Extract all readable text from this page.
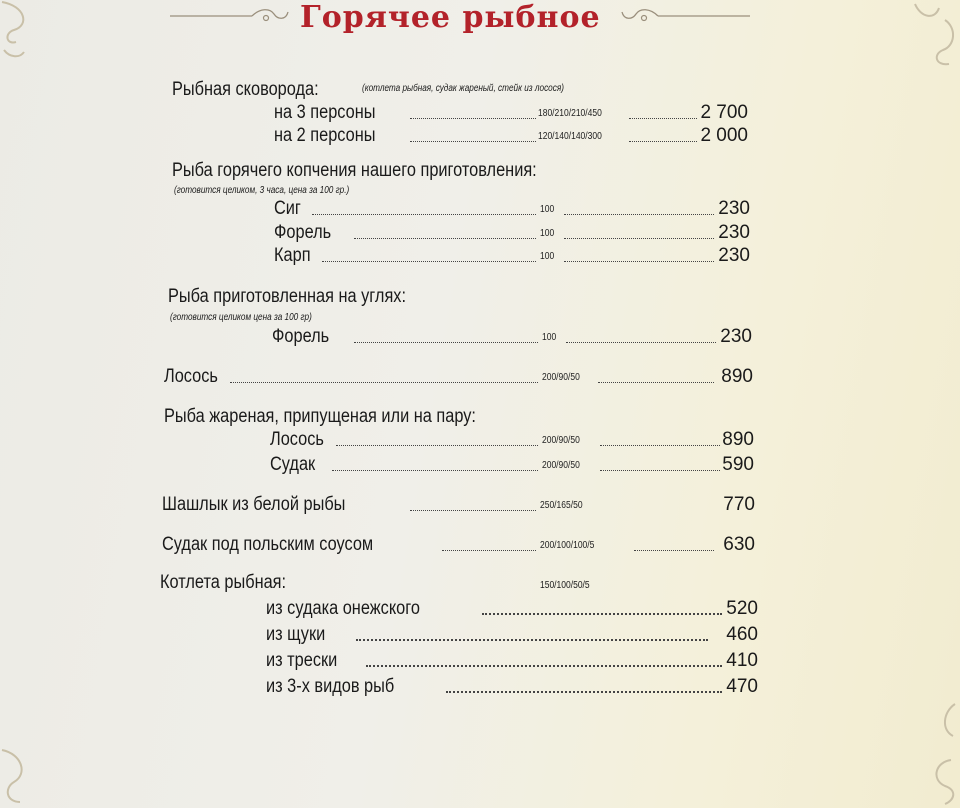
Горячее рыбное
Рыбная сковорода:	(котлета рыбная, судак жареный, стейк из лосося)
на 3 персоны	180/210/210/450	2 700
на 2 персоны	120/140/140/300	2 000
Рыба горячего копчения нашего приготовления:
(готовится целиком, 3 часа, цена за 100 гр.)
Сиг	100	230
Форель	100	230
Карп	100	230
Рыба приготовленная на углях:
(готовится целиком цена за 100 гр)
Форель	100	230
Лосось	200/90/50	890
Рыба жареная, припущеная или на пару:
Лосось	200/90/50	890
Судак	200/90/50	590
Шашлык из белой рыбы	250/165/50	770
Судак под польским соусом	200/100/100/5	630
Котлета рыбная:	150/100/50/5
из судака онежского	520
из щуки	460
из трески	410
из 3-х видов рыб	470
